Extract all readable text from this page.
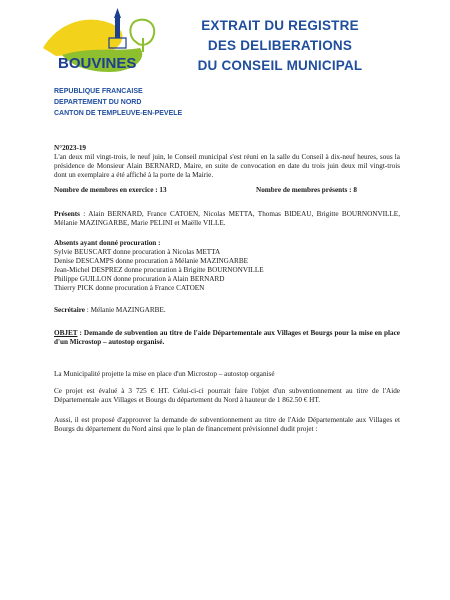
BOUVINES
HISTOIRE ET NATURE
EXTRAIT DU REGISTRE
DES DELIBERATIONS
DU CONSEIL MUNICIPAL
REPUBLIQUE FRANCAISE
DEPARTEMENT DU NORD
CANTON DE TEMPLEUVE-EN-PEVELE
N°2023-19
L'an deux mil vingt-trois, le neuf juin, le Conseil municipal s'est réuni en la salle du Conseil à dix-neuf heures, sous la présidence de Monsieur Alain BERNARD, Maire, en suite de convocation en date du trois juin deux mil vingt-trois dont un exemplaire a été affiché à la porte de la Mairie.
Nombre de membres en exercice : 13	Nombre de membres présents : 8
Présents : Alain BERNARD, France CATOEN, Nicolas METTA, Thomas BIDEAU, Brigitte BOURNONVILLE, Mélanie MAZINGARBE, Marie PELINI et Maëlle VILLE.
Absents ayant donné procuration :
Sylvie BEUSCART donne procuration à Nicolas METTA
Denise DESCAMPS donne procuration à Mélanie MAZINGARBE
Jean-Michel DESPREZ donne procuration à Brigitte BOURNONVILLE
Philippe GUILLON donne procuration à Alain BERNARD
Thierry PICK donne procuration à France CATOEN
Secrétaire : Mélanie MAZINGARBE.
OBJET : Demande de subvention au titre de l'aide Départementale aux Villages et Bourgs pour la mise en place d'un Microstop – autostop organisé.
La Municipalité projette la mise en place d'un Microstop – autostop organisé
Ce projet est évalué à 3 725 € HT. Celui-ci-ci pourrait faire l'objet d'un subventionnement au titre de l'Aide Départementale aux Villages et Bourgs du département du Nord à hauteur de 1 862.50 € HT.
Aussi, il est proposé d'approuver la demande de subventionnement au titre de l'Aide Départementale aux Villages et Bourgs du département du Nord ainsi que le plan de financement prévisionnel dudit projet :
